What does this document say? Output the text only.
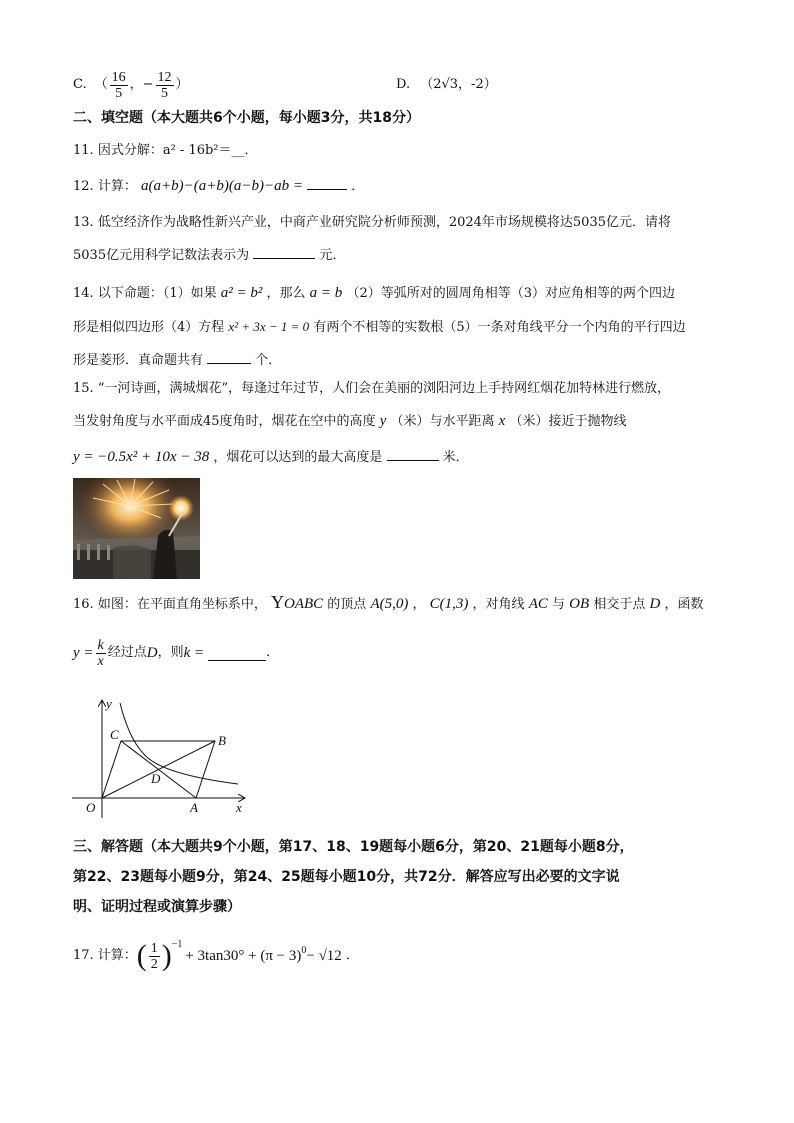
C. （ $\frac{16}{5}$ ，− $\frac{12}{5}$ ）	D. （2√3，-2）
二、填空题（本大题共6个小题，每小题3分，共18分）
11. 因式分解：a² - 16b²＝__．
12. 计算： a(a+b)−(a+b)(a−b)−ab =	．
13. 低空经济作为战略性新兴产业，中商产业研究院分析师预测，2024年市场规模将达5035亿元．请将
5035亿元用科学记数法表示为	元．
14. 以下命题：（1）如果 a² = b² ，那么 a = b （2）等弧所对的圆周角相等（3）对应角相等的两个四边
形是相似四边形（4）方程 x² + 3x − 1 = 0 有两个不相等的实数根（5）一条对角线平分一个内角的平行四边
形是菱形．真命题共有	个．
15. “一河诗画，满城烟花”，每逢过年过节，人们会在美丽的浏阳河边上手持网红烟花加特林进行燃放，
当发射角度与水平面成45度角时，烟花在空中的高度 y （米）与水平距离 x （米）接近于抛物线
y = −0.5x² + 10x − 38 ，烟花可以达到的最大高度是	米．
16. 如图：在平面直角坐标系中， YOABC 的顶点 A(5,0) ， C(1,3) ，对角线 AC 与 OB 相交于点 D ，函数
$y = \frac{k}{x}$ 经过点 D ，则 k =	．
y
x
O	A
B
C
D
三、解答题（本大题共9个小题，第17、18、19题每小题6分，第20、21题每小题8分，
第22、23题每小题9分，第24、25题每小题10分，共72分．解答应写出必要的文字说
明、证明过程或演算步骤）
17. 计算： ( $\frac{1}{2} )^{-1}$
+ $3\tan 30^\circ + (\pi - 3)^0 - √12$ ．
